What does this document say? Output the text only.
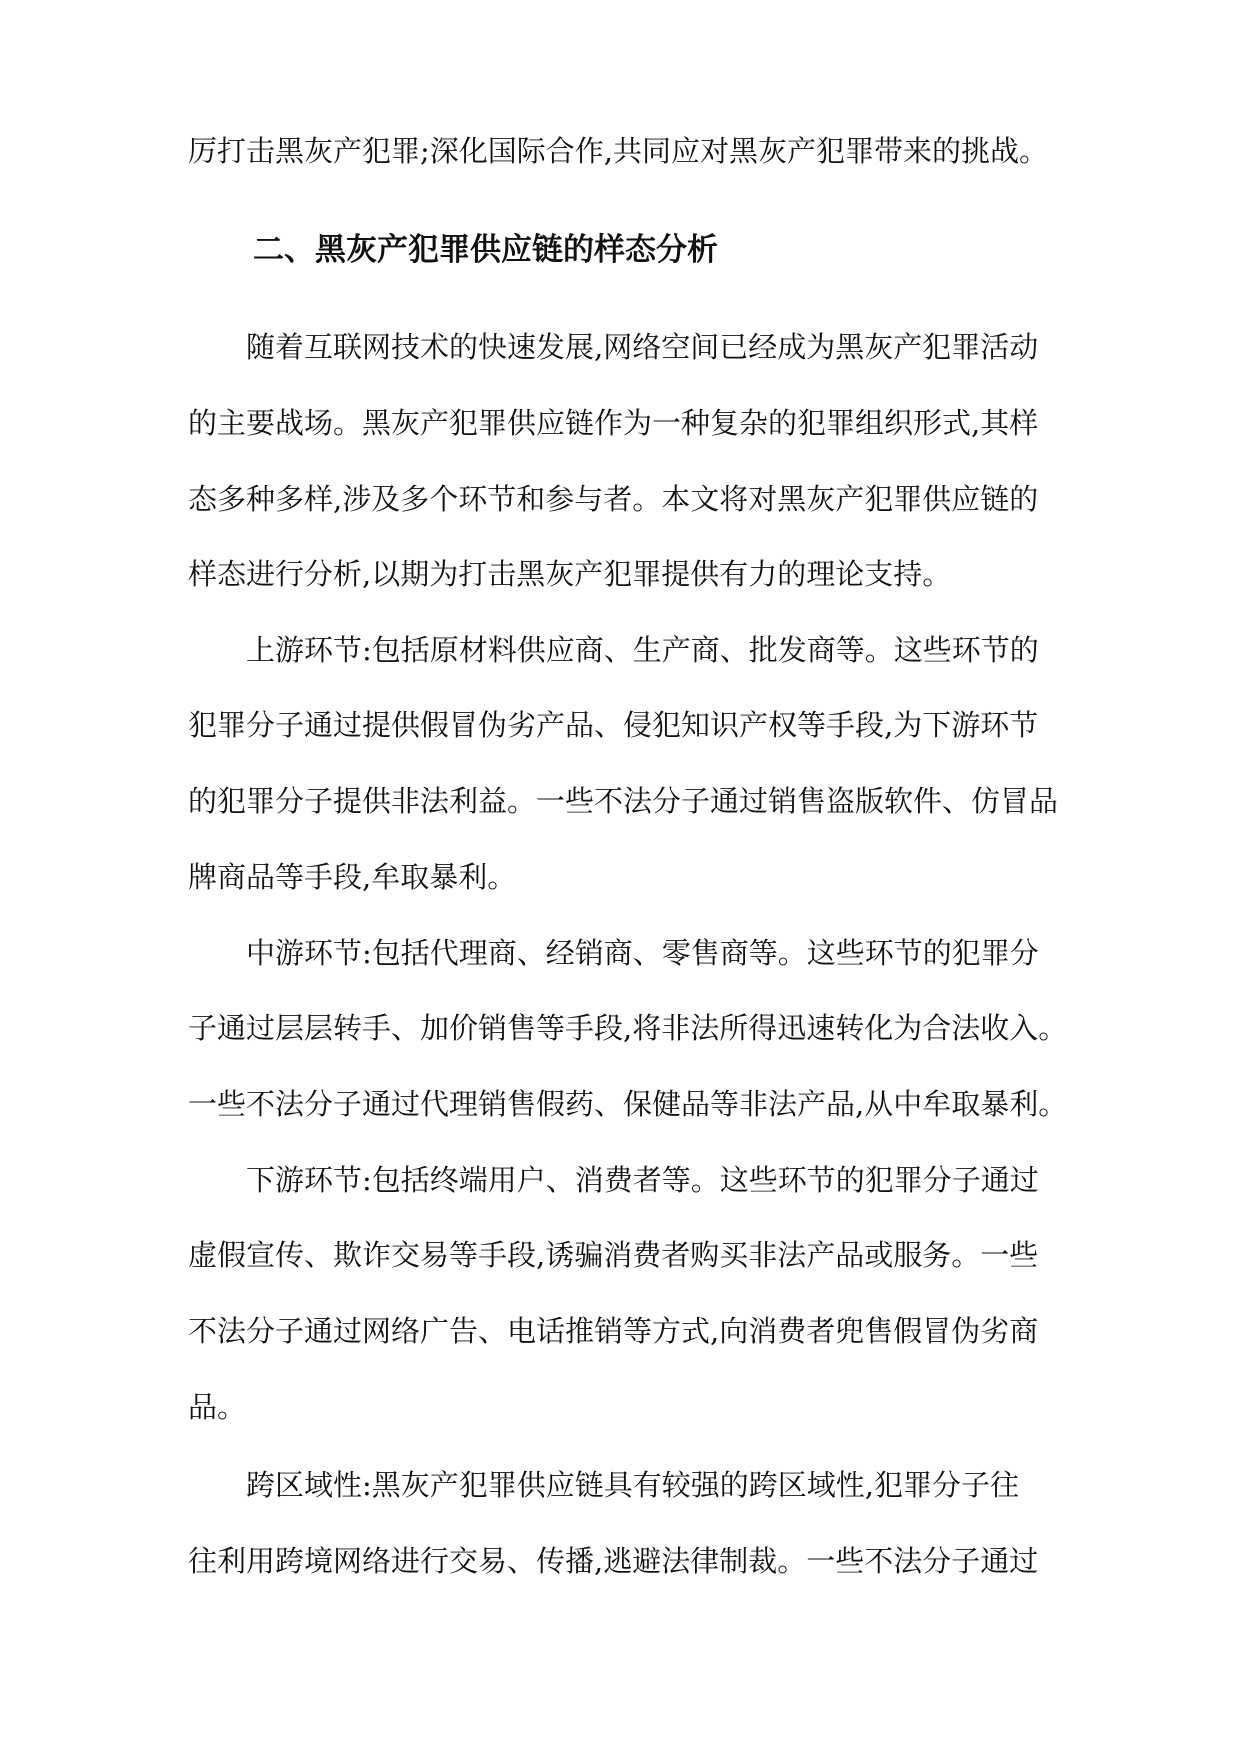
厉打击黑灰产犯罪;深化国际合作,共同应对黑灰产犯罪带来的挑战。

二、黑灰产犯罪供应链的样态分析

随着互联网技术的快速发展,网络空间已经成为黑灰产犯罪活动

的主要战场。黑灰产犯罪供应链作为一种复杂的犯罪组织形式,其样

态多种多样,涉及多个环节和参与者。本文将对黑灰产犯罪供应链的

样态进行分析,以期为打击黑灰产犯罪提供有力的理论支持。

上游环节:包括原材料供应商、生产商、批发商等。这些环节的

犯罪分子通过提供假冒伪劣产品、侵犯知识产权等手段,为下游环节

的犯罪分子提供非法利益。一些不法分子通过销售盗版软件、仿冒品

牌商品等手段,牟取暴利。

中游环节:包括代理商、经销商、零售商等。这些环节的犯罪分

子通过层层转手、加价销售等手段,将非法所得迅速转化为合法收入。

一些不法分子通过代理销售假药、保健品等非法产品,从中牟取暴利。

下游环节:包括终端用户、消费者等。这些环节的犯罪分子通过

虚假宣传、欺诈交易等手段,诱骗消费者购买非法产品或服务。一些

不法分子通过网络广告、电话推销等方式,向消费者兜售假冒伪劣商

品。

跨区域性:黑灰产犯罪供应链具有较强的跨区域性,犯罪分子往

往利用跨境网络进行交易、传播,逃避法律制裁。一些不法分子通过
